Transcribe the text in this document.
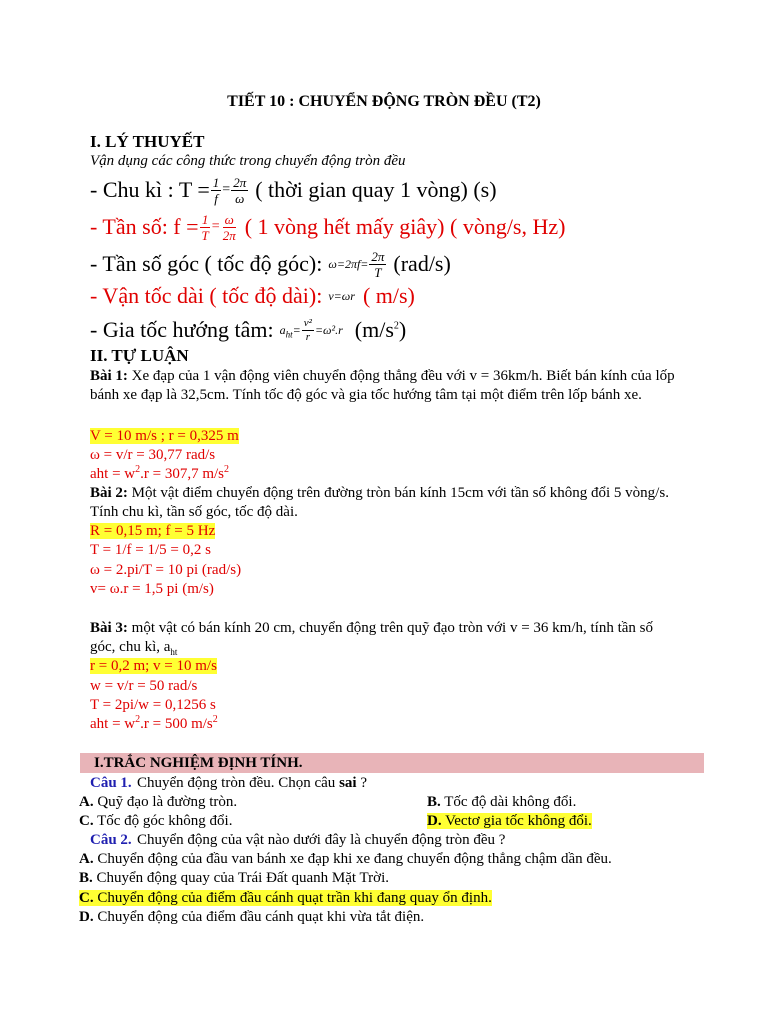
TIẾT 10 : CHUYỂN ĐỘNG TRÒN ĐỀU (T2)
I. LÝ THUYẾT
Vận dụng các công thức trong chuyển động tròn đều
- Chu kì : $T = \frac{1}{f} = \frac{2\pi}{\omega}$ ( thời gian quay 1 vòng) (s)
- Tần số: $f = \frac{1}{T} = \frac{\omega}{2\pi}$ ( 1 vòng hết mấy giây) ( vòng/s, Hz)
- Tần số góc ( tốc độ góc): $\omega=2\pi f= \frac{2\pi}{T} (rad/s)$
- Vận tốc dài ( tốc độ dài): v=ωr ( m/s)
- Gia tốc hướng tâm: $a_{ht}= \frac{\text{v²}}{r} =\omega^2.r$ $(m/s^2)$
II. TỰ LUẬN
Bài 1: Xe đạp của 1 vận động viên chuyển động thẳng đều với v = 36km/h. Biết bán kính của lốp bánh xe đạp là 32,5cm. Tính tốc độ góc và gia tốc hướng tâm tại một điểm trên lốp bánh xe.
V = 10 m/s ; r = 0,325 m
ω = v/r = 30,77 rad/s
aht = $w^2.r = 307,7$ $m/s^2$
Bài 2: Một vật điểm chuyển động trên đường tròn bán kính 15cm với tần số không đổi 5 vòng/s. Tính chu kì, tần số góc, tốc độ dài.
R = 0,15 m; f = 5 Hz
T = 1/f = 1/5 = 0,2 s
ω = 2.pi/T = 10 pi (rad/s)
v= ω.r = 1,5 pi (m/s)
Bài 3: một vật có bán kính 20 cm, chuyển động trên quỹ đạo tròn với v = 36 km/h, tính tần số góc, chu kì, $a_{ht}$
r = 0,2 m; v = 10 m/s
w = v/r = 50 rad/s
T = 2pi/w = 0,1256 s
aht = $w^2.r = 500$ $m/s^2$
I.TRẮC NGHIỆM ĐỊNH TÍNH.
Câu 1. Chuyển động tròn đều. Chọn câu sai ?
A. Quỹ đạo là đường tròn.	B. Tốc độ dài không đổi.
C. Tốc độ góc không đổi.	D. Vectơ gia tốc không đổi.
Câu 2. Chuyển động của vật nào dưới đây là chuyển động tròn đều ?
A. Chuyển động của đầu van bánh xe đạp khi xe đang chuyển động thẳng chậm dần đều.
B. Chuyển động quay của Trái Đất quanh Mặt Trời.
C. Chuyển động của điểm đầu cánh quạt trần khi đang quay ổn định.
D. Chuyển động của điểm đầu cánh quạt khi vừa tắt điện.
